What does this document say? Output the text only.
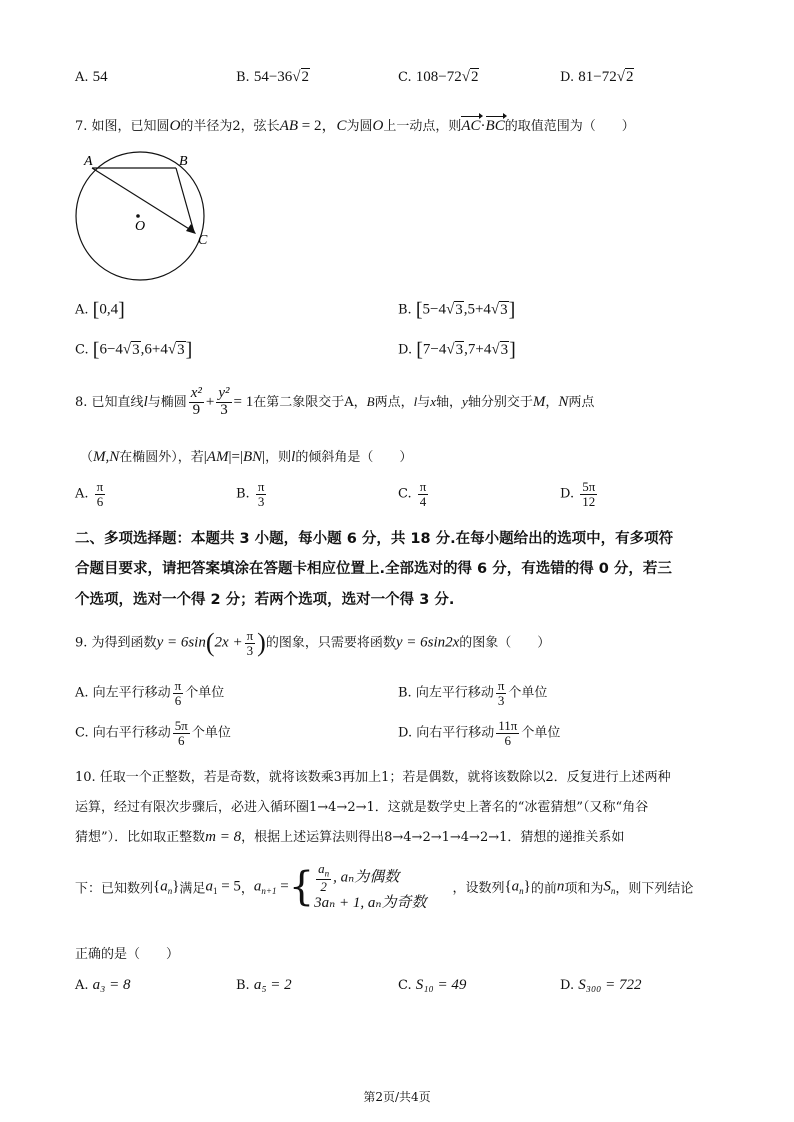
A. 54	B. 54−36√2	C. 108−72√2	D. 81−72√2
7. 如图，已知圆O的半径为2，弦长AB = 2，C为圆O上一动点，则AC·BC的取值范围为（　　）
A	B
C
O
A. [0,4]	B. [5−4√3,5+4√3]
C. [6−4√3,6+4√3]	D. [7−4√3,7+4√3]
8. 已知直线l与椭圆 $\frac{\text{x²}}{9} + \frac{\text{y²}}{3} = 1$在第二象限交于A，B两点，l与x轴，y轴分别交于M，N两点
（M,N在椭圆外），若|AM|=|BN|，则l的倾斜角是（　　）
A. $\frac{\pi}{6}$	B. $\frac{\pi}{3}$	C. $\frac{\pi}{4}$	D. $\frac{5\pi}{12}$
二、多项选择题：本题共 3 小题，每小题 6 分，共 18 分.在每小题给出的选项中，有多项符
合题目要求，请把答案填涂在答题卡相应位置上.全部选对的得 6 分，有选错的得 0 分，若三
个选项，选对一个得 2 分；若两个选项，选对一个得 3 分.
9. 为得到函数$y = 6\sin(2x + \frac{\pi}{3}$ )的图象，只需要将函数y = 6sin2x的图象（　　）
A. 向左平行移动 $\frac{\pi}{6}$ 个单位	B. 向左平行移动 $\frac{\pi}{3}$ 个单位
C. 向右平行移动 $\frac{5\pi}{6}$ 个单位	D. 向右平行移动 $\frac{11\pi}{6}$ 个单位
10. 任取一个正整数，若是奇数，就将该数乘3再加上1；若是偶数，就将该数除以2．反复进行上述两种
运算，经过有限次步骤后，必进入循环圈1→4→2→1．这就是数学史上著名的“冰雹猜想”（又称“角谷
猜想”）．比如取正整数m = 8，根据上述运算法则得出8→4→2→1→4→2→1．猜想的递推关系如
下：已知数列$\{a_n\}$满足$a_1 = 5$，$a_{n+1}$ ={ $\frac{a_n}{2}$ , aₙ为偶数
3aₙ + 1, aₙ为奇数
，设数列$\{a_n\}$的前n项和为$S_n$，则下列结论
正确的是（　　）
A. a₃ = 8	B. a₅ = 2	C. S₁₀ = 49	D. S₃₀₀ = 722
第2页/共4页
